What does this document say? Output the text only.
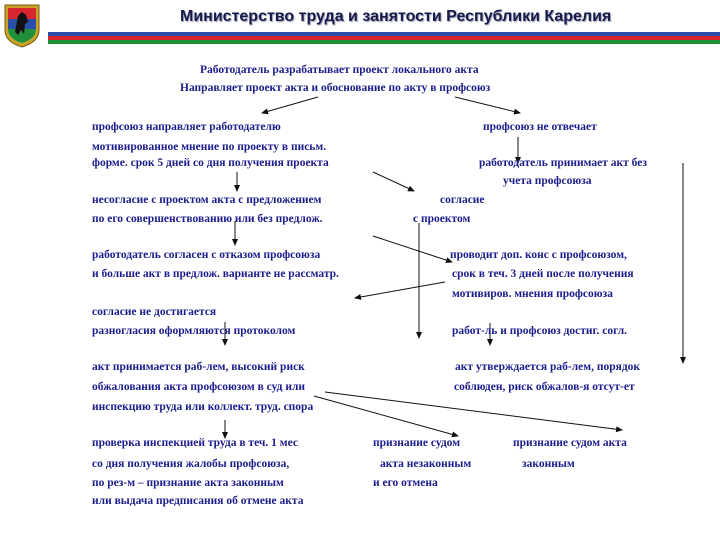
Министерство труда и занятости Республики Карелия
Работодатель разрабатывает проект локального акта
Направляет проект акта и обоснование по акту в профсоюз
профсоюз направляет работодателю	профсоюз не отвечает
мотивированное мнение по проекту в письм.
форме. срок 5 дней со дня получения проекта	работодатель принимает акт без
учета профсоюза
несогласие с проектом акта с предложением	согласие
по его совершенствованию или без предлож.	с проектом
работодатель согласен с отказом профсоюза	проводит доп. конс с профсоюзом,
и больше акт в предлож. варианте не рассматр.	срок в теч. 3 дней после получения
мотивиров. мнения профсоюза
согласие не достигается
разногласия оформляются протоколом	работ-ль и профсоюз достиг. согл.
акт принимается раб-лем, высокий риск	акт утверждается раб-лем, порядок
обжалования акта профсоюзом в суд или	соблюден, риск обжалов-я отсут-ет
инспекцию труда или коллект. труд. спора
проверка инспекцией труда в теч. 1 мес	признание судом	признание судом акта
со дня получения жалобы профсоюза,	акта незаконным	законным
по рез-м – признание акта законным	и его отмена
или выдача предписания об отмене акта
